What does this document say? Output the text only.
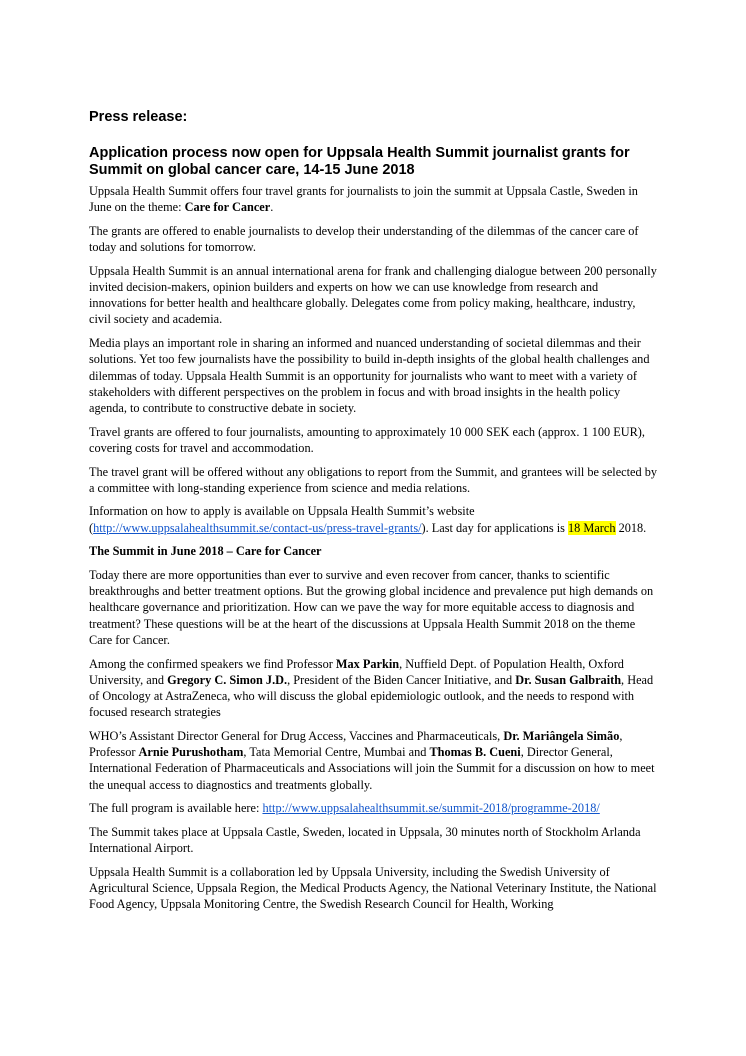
Press release:
Application process now open for Uppsala Health Summit journalist grants for Summit on global cancer care, 14-15 June 2018

Uppsala Health Summit offers four travel grants for journalists to join the summit at Uppsala Castle, Sweden in June on the theme: Care for Cancer.

The grants are offered to enable journalists to develop their understanding of the dilemmas of the cancer care of today and solutions for tomorrow.

Uppsala Health Summit is an annual international arena for frank and challenging dialogue between 200 personally invited decision-makers, opinion builders and experts on how we can use knowledge from research and innovations for better health and healthcare globally. Delegates come from policy making, healthcare, industry, civil society and academia.

Media plays an important role in sharing an informed and nuanced understanding of societal dilemmas and their solutions. Yet too few journalists have the possibility to build in-depth insights of the global health challenges and dilemmas of today. Uppsala Health Summit is an opportunity for journalists who want to meet with a variety of stakeholders with different perspectives on the problem in focus and with broad insights in the health policy agenda, to contribute to constructive debate in society.

Travel grants are offered to four journalists, amounting to approximately 10 000 SEK each (approx. 1 100 EUR), covering costs for travel and accommodation.

The travel grant will be offered without any obligations to report from the Summit, and grantees will be selected by a committee with long-standing experience from science and media relations.

Information on how to apply is available on Uppsala Health Summit’s website (http://www.uppsalahealthsummit.se/contact-us/press-travel-grants/). Last day for applications is 18 March 2018.

The Summit in June 2018 – Care for Cancer

Today there are more opportunities than ever to survive and even recover from cancer, thanks to scientific breakthroughs and better treatment options. But the growing global incidence and prevalence put high demands on healthcare governance and prioritization. How can we pave the way for more equitable access to diagnosis and treatment? These questions will be at the heart of the discussions at Uppsala Health Summit 2018 on the theme Care for Cancer.

Among the confirmed speakers we find Professor Max Parkin, Nuffield Dept. of Population Health, Oxford University, and Gregory C. Simon J.D., President of the Biden Cancer Initiative, and Dr. Susan Galbraith, Head of Oncology at AstraZeneca, who will discuss the global epidemiologic outlook, and the needs to respond with focused research strategies

WHO’s Assistant Director General for Drug Access, Vaccines and Pharmaceuticals, Dr. Mariângela Simão, Professor Arnie Purushotham, Tata Memorial Centre, Mumbai and Thomas B. Cueni, Director General, International Federation of Pharmaceuticals and Associations will join the Summit for a discussion on how to meet the unequal access to diagnostics and treatments globally.

The full program is available here: http://www.uppsalahealthsummit.se/summit-2018/programme-2018/

The Summit takes place at Uppsala Castle, Sweden, located in Uppsala, 30 minutes north of Stockholm Arlanda International Airport.

Uppsala Health Summit is a collaboration led by Uppsala University, including the Swedish University of Agricultural Science, Uppsala Region, the Medical Products Agency, the National Veterinary Institute, the National Food Agency, Uppsala Monitoring Centre, the Swedish Research Council for Health, Working
